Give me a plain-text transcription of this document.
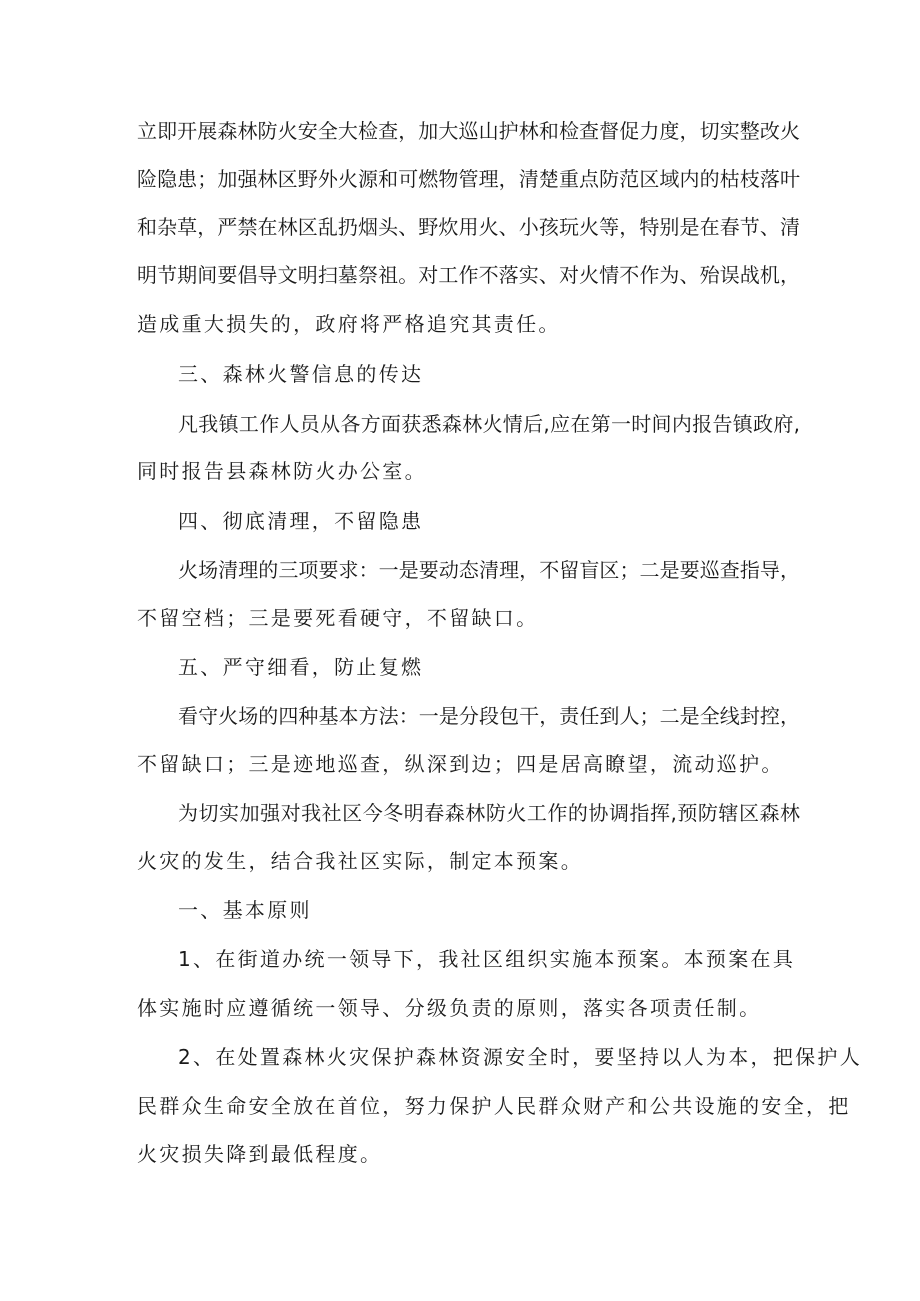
立即开展森林防火安全大检查，加大巡山护林和检查督促力度，切实整改火
险隐患；加强林区野外火源和可燃物管理，清楚重点防范区域内的枯枝落叶
和杂草，严禁在林区乱扔烟头、野炊用火、小孩玩火等，特别是在春节、清
明节期间要倡导文明扫墓祭祖。对工作不落实、对火情不作为、殆误战机，
造成重大损失的，政府将严格追究其责任。
三、森林火警信息的传达
凡我镇工作人员从各方面获悉森林火情后,应在第一时间内报告镇政府,
同时报告县森林防火办公室。
四、彻底清理，不留隐患
火场清理的三项要求：一是要动态清理，不留盲区；二是要巡查指导，
不留空档；三是要死看硬守，不留缺口。
五、严守细看，防止复燃
看守火场的四种基本方法：一是分段包干，责任到人；二是全线封控，
不留缺口；三是迹地巡查，纵深到边；四是居高瞭望，流动巡护。
为切实加强对我社区今冬明春森林防火工作的协调指挥,预防辖区森林
火灾的发生，结合我社区实际，制定本预案。
一、基本原则
1、在街道办统一领导下，我社区组织实施本预案。本预案在具
体实施时应遵循统一领导、分级负责的原则，落实各项责任制。
2、在处置森林火灾保护森林资源安全时，要坚持以人为本，把保护人
民群众生命安全放在首位，努力保护人民群众财产和公共设施的安全，把
火灾损失降到最低程度。
